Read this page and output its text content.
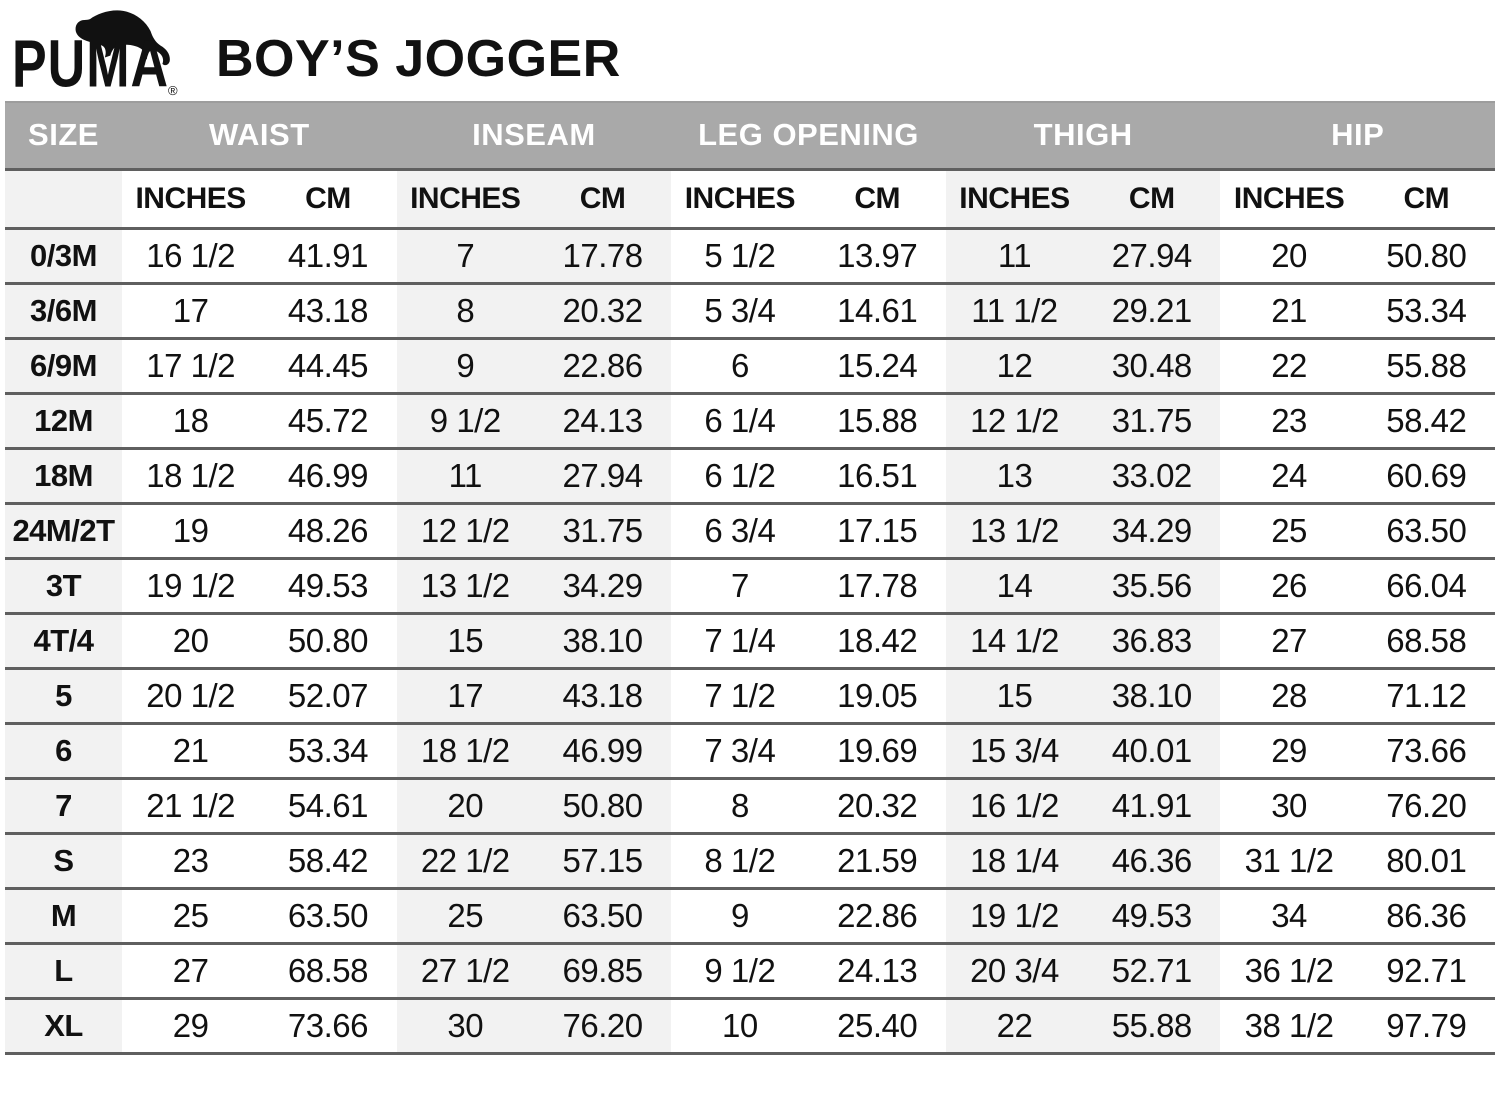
PUMA
®
BOY’S JOGGER
SIZE	WAIST		INSEAM		LEG OPENING		THIGH		HIP	
	INCHES	CM	INCHES	CM	INCHES	CM	INCHES	CM	INCHES	CM
0/3M	16 1/2	41.91	7	17.78	5 1/2	13.97	11	27.94	20	50.80
3/6M	17	43.18	8	20.32	5 3/4	14.61	11 1/2	29.21	21	53.34
6/9M	17 1/2	44.45	9	22.86	6	15.24	12	30.48	22	55.88
12M	18	45.72	9 1/2	24.13	6 1/4	15.88	12 1/2	31.75	23	58.42
18M	18 1/2	46.99	11	27.94	6 1/2	16.51	13	33.02	24	60.69
24M/2T	19	48.26	12 1/2	31.75	6 3/4	17.15	13 1/2	34.29	25	63.50
3T	19 1/2	49.53	13 1/2	34.29	7	17.78	14	35.56	26	66.04
4T/4	20	50.80	15	38.10	7 1/4	18.42	14 1/2	36.83	27	68.58
5	20 1/2	52.07	17	43.18	7 1/2	19.05	15	38.10	28	71.12
6	21	53.34	18 1/2	46.99	7 3/4	19.69	15 3/4	40.01	29	73.66
7	21 1/2	54.61	20	50.80	8	20.32	16 1/2	41.91	30	76.20
S	23	58.42	22 1/2	57.15	8 1/2	21.59	18 1/4	46.36	31 1/2	80.01
M	25	63.50	25	63.50	9	22.86	19 1/2	49.53	34	86.36
L	27	68.58	27 1/2	69.85	9 1/2	24.13	20 3/4	52.71	36 1/2	92.71
XL	29	73.66	30	76.20	10	25.40	22	55.88	38 1/2	97.79
